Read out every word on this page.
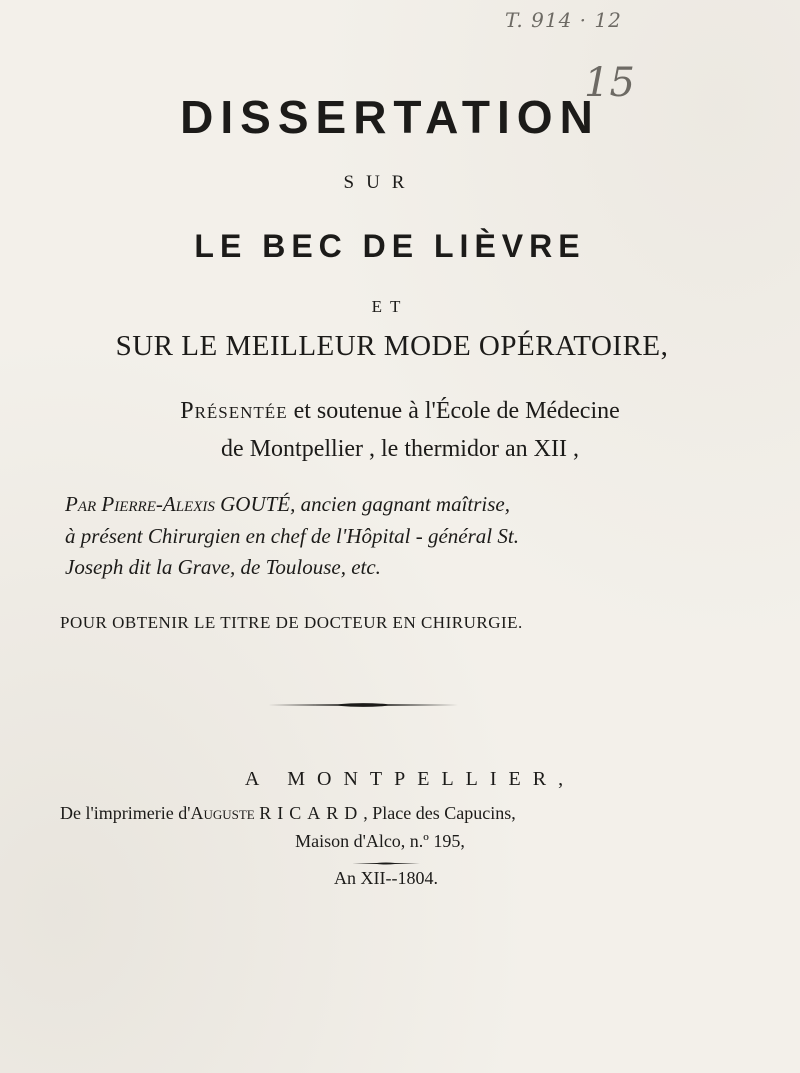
T. 914 · 12
15
DISSERTATION
SUR
LE BEC DE LIÈVRE
ET
SUR LE MEILLEUR MODE OPÉRATOIRE,
Présentée et soutenue à l'École de Médecine
de Montpellier , le thermidor an XII ,
Par Pierre-Alexis GOUTÉ, ancien gagnant maîtrise,
à présent Chirurgien en chef de l'Hôpital - général St.
Joseph dit la Grave, de Toulouse, etc.
POUR OBTENIR LE TITRE DE DOCTEUR EN CHIRURGIE.
A MONTPELLIER,
De l'imprimerie d'Auguste RICARD, Place des Capucins,
Maison d'Alco, n.º 195,
An XII--1804.
